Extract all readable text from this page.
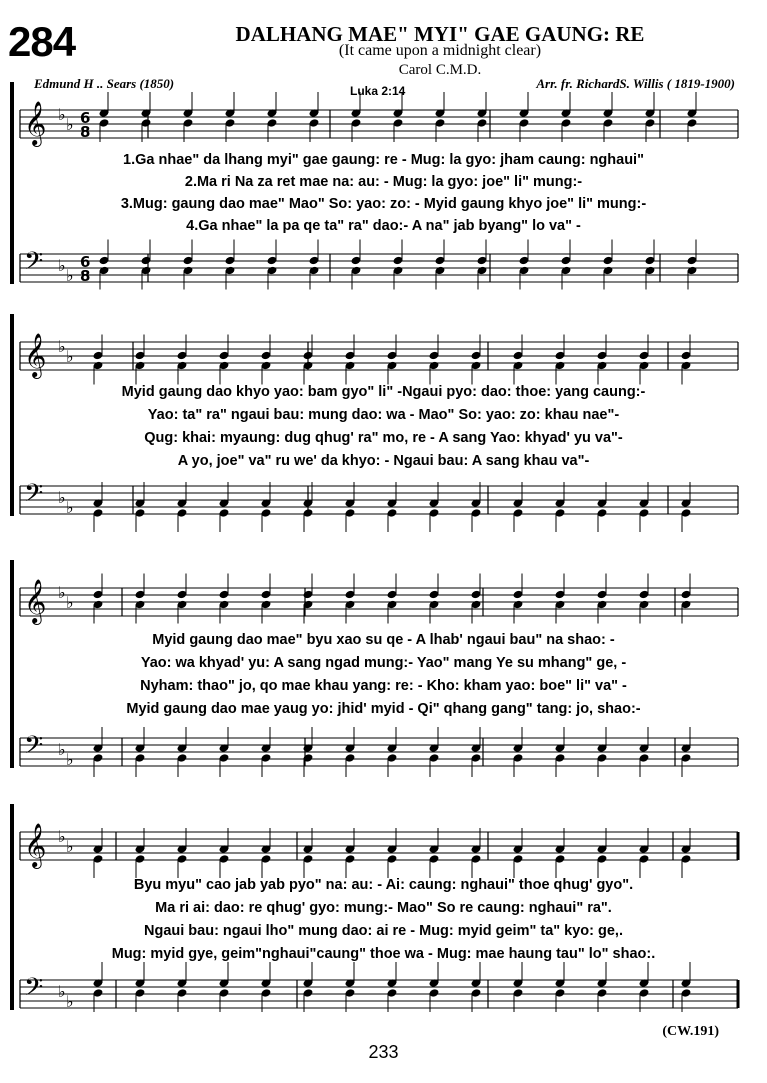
284	DALHANG MAE" MYI" GAE GAUNG: RE
(It came upon a midnight clear)
Carol C.M.D.
Edmund H .. Sears (1850)	Arr. fr. RichardS. Willis ( 1819-1900)
Luka 2:14
𝄞 ♭
♭ 6
8
𝄢 ♭
♭
6
8
𝄞 ♭
♭
𝄢 ♭
♭
𝄞 ♭
♭
𝄢 ♭
♭
𝄞 ♭
♭
𝄢 ♭
♭
1.Ga nhae" da lhang myi" gae gaung: re - Mug: la gyo: jham caung: nghaui"
2.Ma ri Na za ret mae na: au: - Mug: la gyo: joe" li" mung:-
3.Mug: gaung dao mae" Mao" So: yao: zo: - Myid gaung khyo joe" li" mung:-
4.Ga nhae" la pa qe ta" ra" dao:- A na" jab byang" lo va" -
Myid gaung dao khyo yao: bam gyo" li" -Ngaui pyo: dao: thoe: yang caung:-
Yao: ta" ra" ngaui bau: mung dao: wa - Mao" So: yao: zo: khau nae"-
Qug: khai: myaung: dug qhug' ra" mo, re - A sang Yao: khyad' yu va"-
A yo, joe" va" ru we' da khyo: - Ngaui bau: A sang khau va"-
Myid gaung dao mae" byu xao su qe - A lhab' ngaui bau" na shao: -
Yao: wa khyad' yu: A sang ngad mung:- Yao" mang Ye su mhang" ge, -
Nyham: thao" jo, qo mae khau yang: re: - Kho: kham yao: boe" li" va" -
Myid gaung dao mae yaug yo: jhid' myid - Qi" qhang gang" tang: jo, shao:-
Byu myu" cao jab yab pyo" na: au: - Ai: caung: nghaui" thoe qhug' gyo".
Ma ri ai: dao: re qhug' gyo: mung:- Mao" So re caung: nghaui" ra".
Ngaui bau: ngaui lho" mung dao: ai re - Mug: myid geim" ta" kyo: ge,.
Mug: myid gye, geim"nghaui"caung" thoe wa - Mug: mae haung tau" lo" shao:.
(CW.191)
233
